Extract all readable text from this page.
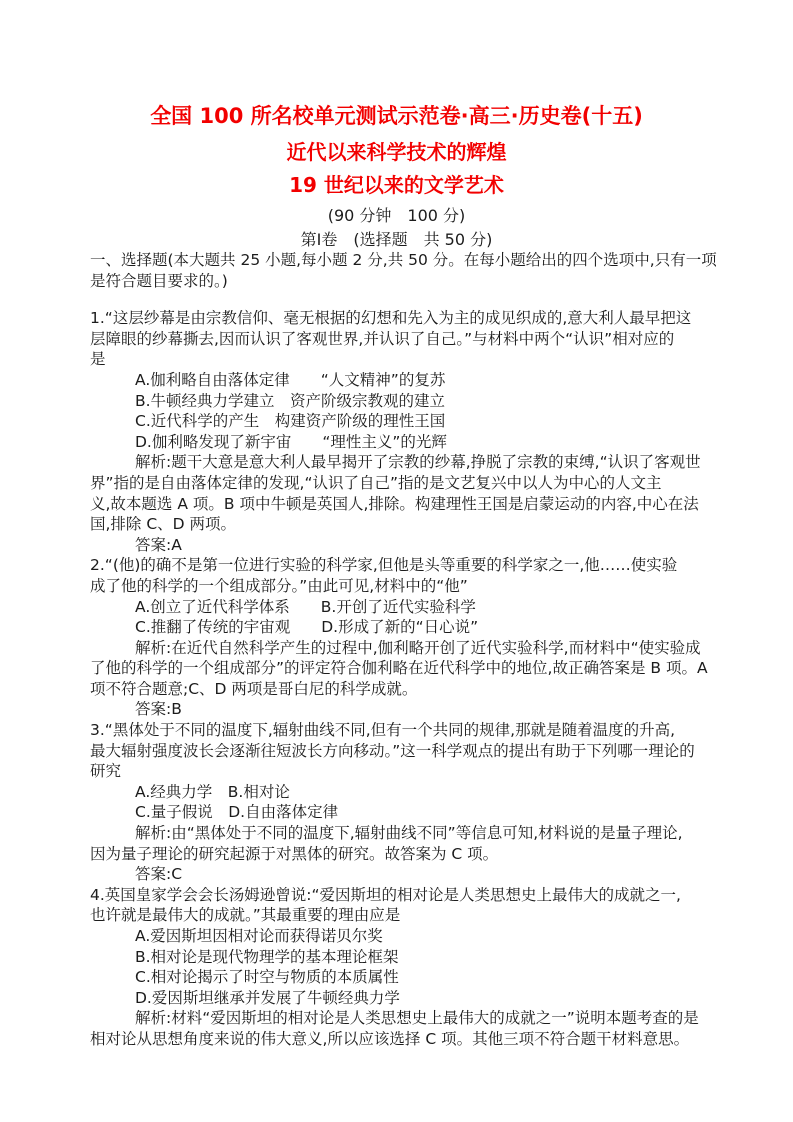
全国 100 所名校单元测试示范卷·高三·历史卷(十五)
近代以来科学技术的辉煌
19 世纪以来的文学艺术
(90 分钟　100 分)
第Ⅰ卷　(选择题　共 50 分)
一、选择题(本大题共 25 小题,每小题 2 分,共 50 分。在每小题给出的四个选项中,只有一项
是符合题目要求的。)
1.“这层纱幕是由宗教信仰、毫无根据的幻想和先入为主的成见织成的,意大利人最早把这
层障眼的纱幕撕去,因而认识了客观世界,并认识了自己。”与材料中两个“认识”相对应的
是
A.伽利略自由落体定律　　“人文精神”的复苏
B.牛顿经典力学建立　资产阶级宗教观的建立
C.近代科学的产生　构建资产阶级的理性王国
D.伽利略发现了新宇宙　　“理性主义”的光辉
解析:题干大意是意大利人最早揭开了宗教的纱幕,挣脱了宗教的束缚,“认识了客观世
界”指的是自由落体定律的发现,“认识了自己”指的是文艺复兴中以人为中心的人文主
义,故本题选 A 项。B 项中牛顿是英国人,排除。构建理性王国是启蒙运动的内容,中心在法
国,排除 C、D 两项。
答案:A
2.“(他)的确不是第一位进行实验的科学家,但他是头等重要的科学家之一,他……使实验
成了他的科学的一个组成部分。”由此可见,材料中的“他”
A.创立了近代科学体系　　B.开创了近代实验科学
C.推翻了传统的宇宙观　　D.形成了新的“日心说”
解析:在近代自然科学产生的过程中,伽利略开创了近代实验科学,而材料中“使实验成
了他的科学的一个组成部分”的评定符合伽利略在近代科学中的地位,故正确答案是 B 项。A
项不符合题意;C、D 两项是哥白尼的科学成就。
答案:B
3.“黑体处于不同的温度下,辐射曲线不同,但有一个共同的规律,那就是随着温度的升高,
最大辐射强度波长会逐渐往短波长方向移动。”这一科学观点的提出有助于下列哪一理论的
研究
A.经典力学　B.相对论
C.量子假说　D.自由落体定律
解析:由“黑体处于不同的温度下,辐射曲线不同”等信息可知,材料说的是量子理论,
因为量子理论的研究起源于对黑体的研究。故答案为 C 项。
答案:C
4.英国皇家学会会长汤姆逊曾说:“爱因斯坦的相对论是人类思想史上最伟大的成就之一,
也许就是最伟大的成就。”其最重要的理由应是
A.爱因斯坦因相对论而获得诺贝尔奖
B.相对论是现代物理学的基本理论框架
C.相对论揭示了时空与物质的本质属性
D.爱因斯坦继承并发展了牛顿经典力学
解析:材料“爱因斯坦的相对论是人类思想史上最伟大的成就之一”说明本题考查的是
相对论从思想角度来说的伟大意义,所以应该选择 C 项。其他三项不符合题干材料意思。
